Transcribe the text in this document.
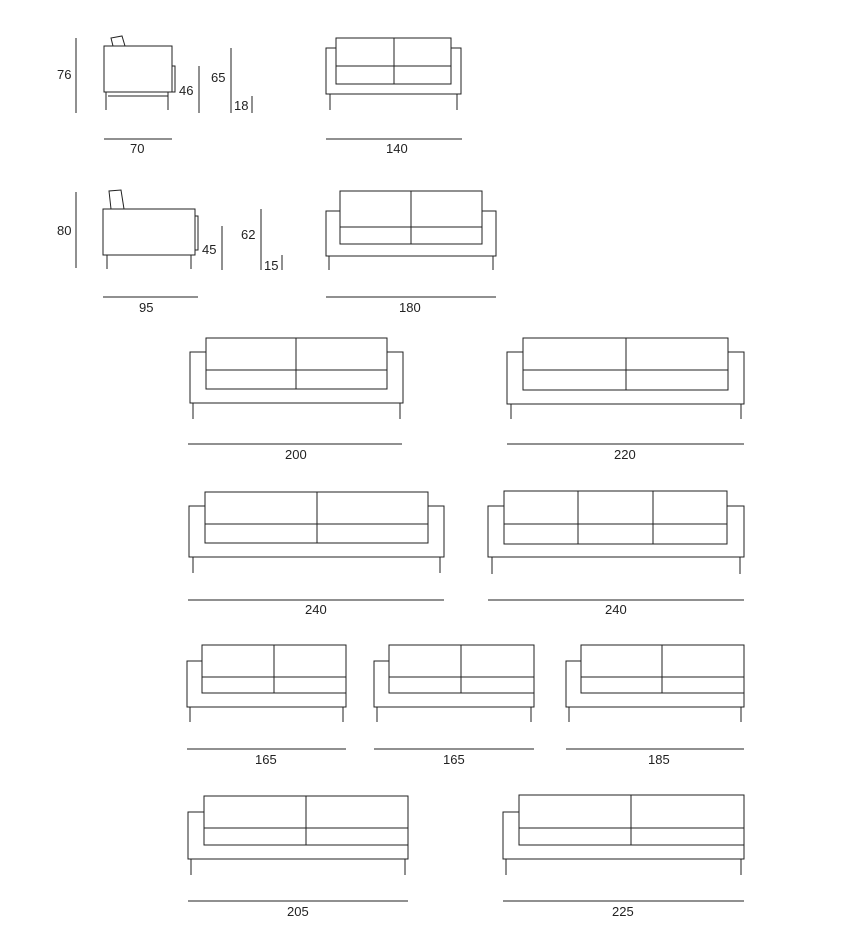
76
46
65
18
70	140
80
45
62
15
95	180
200	220
240	240
165	165	185
205	225
